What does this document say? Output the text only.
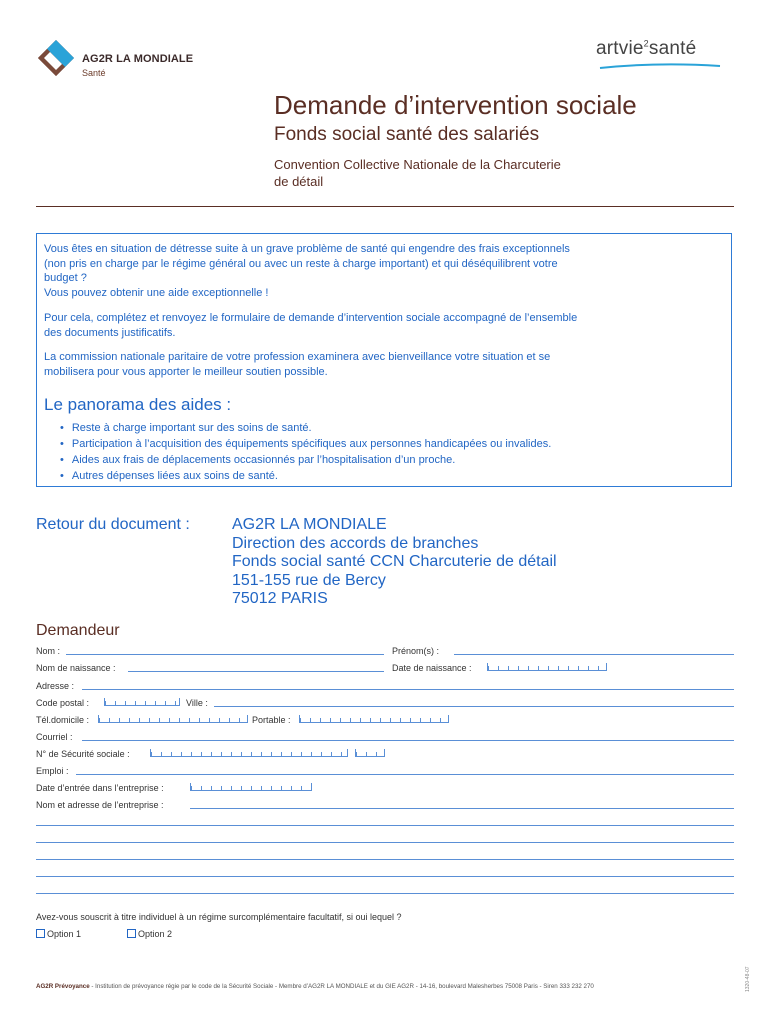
AG2R LA MONDIALE
Santé
artvie$^2$santé
Demande d’intervention sociale
Fonds social santé des salariés
Convention Collective Nationale de la Charcuterie
de détail
Vous êtes en situation de détresse suite à un grave problème de santé qui engendre des frais exceptionnels
(non pris en charge par le régime général ou avec un reste à charge important) et qui déséquilibrent votre
budget ?
Vous pouvez obtenir une aide exceptionnelle !
Pour cela, complétez et renvoyez le formulaire de demande d’intervention sociale accompagné de l’ensemble
des documents justificatifs.
La commission nationale paritaire de votre profession examinera avec bienveillance votre situation et se
mobilisera pour vous apporter le meilleur soutien possible.
Le panorama des aides :
• Reste à charge important sur des soins de santé.
• Participation à l’acquisition des équipements spécifiques aux personnes handicapées ou invalides.
• Aides aux frais de déplacements occasionnés par l’hospitalisation d’un proche.
• Autres dépenses liées aux soins de santé.
Retour du document :	AG2R LA MONDIALE
Direction des accords de branches
Fonds social santé CCN Charcuterie de détail
151-155 rue de Bercy
75012 PARIS
Demandeur
Nom :	Prénom(s) :
Nom de naissance :	Date de naissance :
Adresse :
Code postal :	Ville :
Tél.domicile :	Portable :
Courriel :
N° de Sécurité sociale :
Emploi :
Date d’entrée dans l’entreprise :
Nom et adresse de l’entreprise :
Avez-vous souscrit à titre individuel à un régime surcomplémentaire facultatif, si oui lequel ?
Option 1	Option 2
AG2R Prévoyance - Institution de prévoyance régie par le code de la Sécurité Sociale - Membre d’AG2R LA MONDIALE et du GIE AG2R - 14-16, boulevard Malesherbes 75008 Paris - Siren 333 232 270	1320-48-07
